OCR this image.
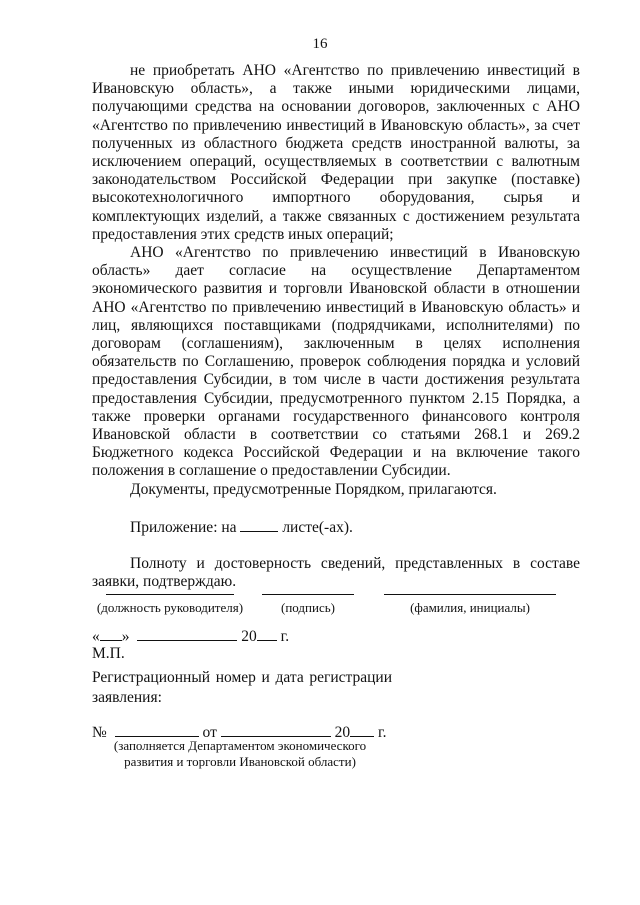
16

не приобретать АНО «Агентство по привлечению инвестиций в Ивановскую область», а также иными юридическими лицами, получающими средства на основании договоров, заключенных с АНО «Агентство по привлечению инвестиций в Ивановскую область», за счет полученных из областного бюджета средств иностранной валюты, за исключением операций, осуществляемых в соответствии с валютным законодательством Российской Федерации при закупке (поставке) высокотехнологичного импортного оборудования, сырья и комплектующих изделий, а также связанных с достижением результата предоставления этих средств иных операций;

АНО «Агентство по привлечению инвестиций в Ивановскую область» дает согласие на осуществление Департаментом экономического развития и торговли Ивановской области в отношении АНО «Агентство по привлечению инвестиций в Ивановскую область» и лиц, являющихся поставщиками (подрядчиками, исполнителями) по договорам (соглашениям), заключенным в целях исполнения обязательств по Соглашению, проверок соблюдения порядка и условий предоставления Субсидии, в том числе в части достижения результата предоставления Субсидии, предусмотренного пунктом 2.15 Порядка, а также проверки органами государственного финансового контроля Ивановской области в соответствии со статьями 268.1 и 269.2 Бюджетного кодекса Российской Федерации и на включение такого положения в соглашение о предоставлении Субсидии.

Документы, предусмотренные Порядком, прилагаются.

Приложение: на	листе(-ах).

Полноту и достоверность сведений, представленных в составе заявки, подтверждаю.

(должность руководителя)	(подпись)	(фамилия, инициалы)
« »	20 г.
М.П.
Регистрационный номер и дата регистрации заявления:
№	от	20 г.
(заполняется Департаментом экономического развития и торговли Ивановской области)
